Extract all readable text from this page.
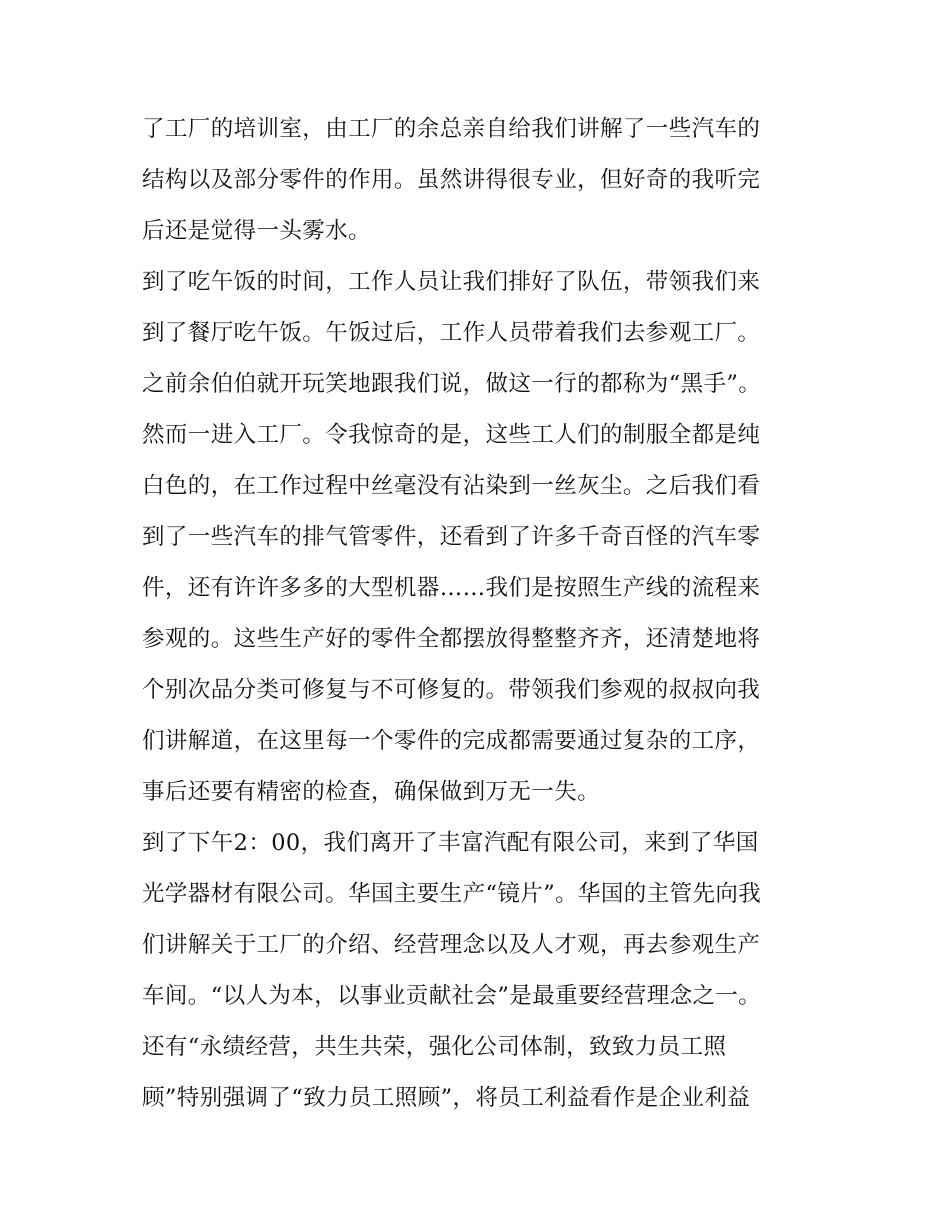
了工厂的培训室，由工厂的余总亲自给我们讲解了一些汽车的
结构以及部分零件的作用。虽然讲得很专业，但好奇的我听完
后还是觉得一头雾水。
到了吃午饭的时间，工作人员让我们排好了队伍，带领我们来
到了餐厅吃午饭。午饭过后，工作人员带着我们去参观工厂。
之前余伯伯就开玩笑地跟我们说，做这一行的都称为“黑手”。
然而一进入工厂。令我惊奇的是，这些工人们的制服全都是纯
白色的，在工作过程中丝毫没有沾染到一丝灰尘。之后我们看
到了一些汽车的排气管零件，还看到了许多千奇百怪的汽车零
件，还有许许多多的大型机器……我们是按照生产线的流程来
参观的。这些生产好的零件全都摆放得整整齐齐，还清楚地将
个别次品分类可修复与不可修复的。带领我们参观的叔叔向我
们讲解道，在这里每一个零件的完成都需要通过复杂的工序，
事后还要有精密的检查，确保做到万无一失。
到了下午2：00，我们离开了丰富汽配有限公司，来到了华国
光学器材有限公司。华国主要生产“镜片”。华国的主管先向我
们讲解关于工厂的介绍、经营理念以及人才观，再去参观生产
车间。“以人为本，以事业贡献社会”是最重要经营理念之一。
还有“永绩经营，共生共荣，强化公司体制，致致力员工照
顾”特别强调了“致力员工照顾”，将员工利益看作是企业利益
